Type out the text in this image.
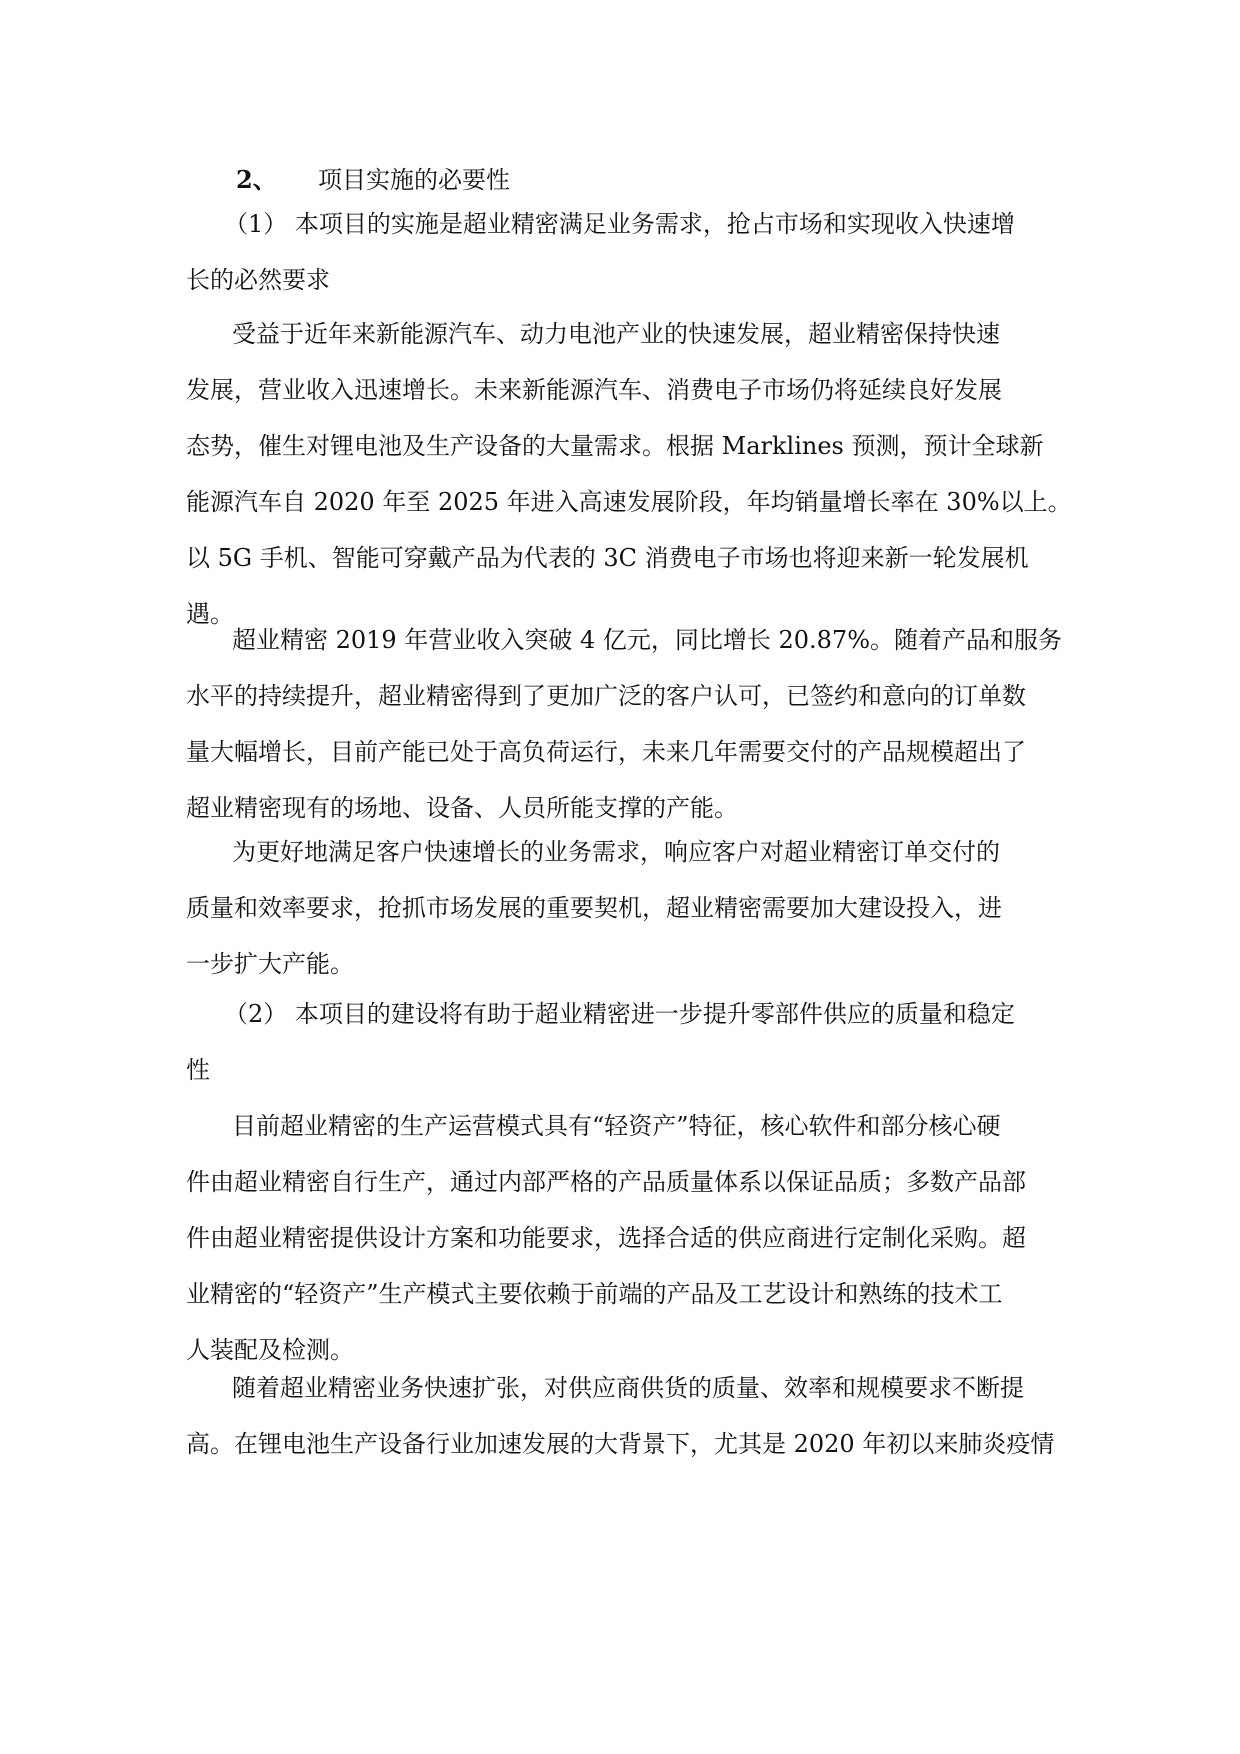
2、 项目实施的必要性
（1） 本项目的实施是超业精密满足业务需求，抢占市场和实现收入快速增
长的必然要求
受益于近年来新能源汽车、动力电池产业的快速发展，超业精密保持快速
发展，营业收入迅速增长。未来新能源汽车、消费电子市场仍将延续良好发展
态势，催生对锂电池及生产设备的大量需求。根据 Marklines 预测，预计全球新
能源汽车自 2020 年至 2025 年进入高速发展阶段，年均销量增长率在 30%以上。
以 5G 手机、智能可穿戴产品为代表的 3C 消费电子市场也将迎来新一轮发展机
遇。
超业精密 2019 年营业收入突破 4 亿元，同比增长 20.87%。随着产品和服务
水平的持续提升，超业精密得到了更加广泛的客户认可，已签约和意向的订单数
量大幅增长，目前产能已处于高负荷运行，未来几年需要交付的产品规模超出了
超业精密现有的场地、设备、人员所能支撑的产能。
为更好地满足客户快速增长的业务需求，响应客户对超业精密订单交付的
质量和效率要求，抢抓市场发展的重要契机，超业精密需要加大建设投入，进
一步扩大产能。
（2） 本项目的建设将有助于超业精密进一步提升零部件供应的质量和稳定
性
目前超业精密的生产运营模式具有“轻资产”特征，核心软件和部分核心硬
件由超业精密自行生产，通过内部严格的产品质量体系以保证品质；多数产品部
件由超业精密提供设计方案和功能要求，选择合适的供应商进行定制化采购。超
业精密的“轻资产”生产模式主要依赖于前端的产品及工艺设计和熟练的技术工
人装配及检测。
随着超业精密业务快速扩张，对供应商供货的质量、效率和规模要求不断提
高。在锂电池生产设备行业加速发展的大背景下，尤其是 2020 年初以来肺炎疫情
